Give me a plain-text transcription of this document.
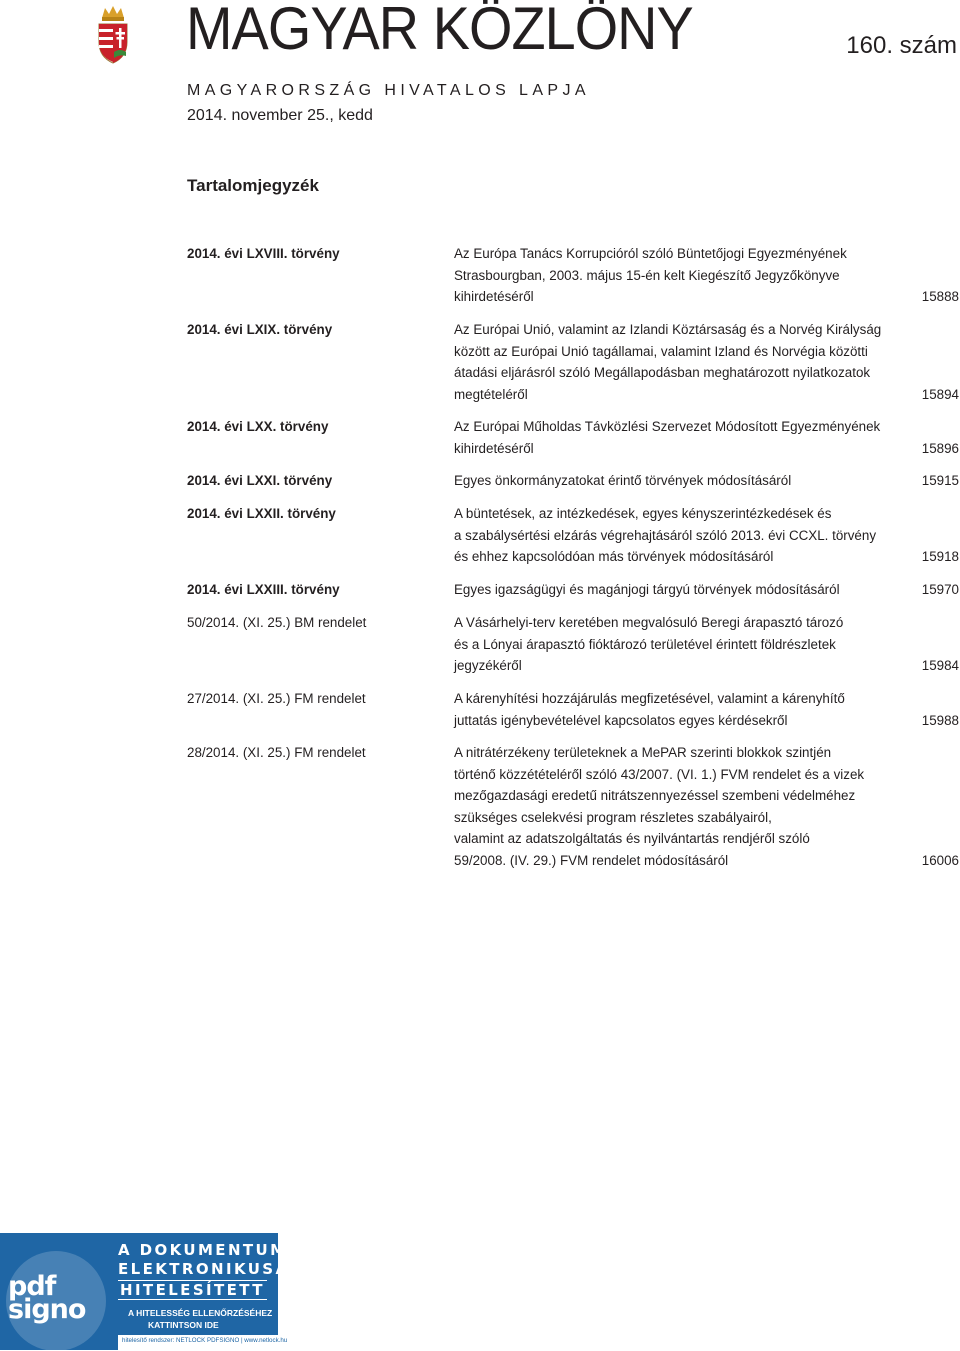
MAGYAR KÖZLÖNY	160. szám
MAGYARORSZÁG HIVATALOS LAPJA
2014. november 25., kedd
Tartalomjegyzék
2014. évi LXVIII. törvény	Az Európa Tanács Korrupcióról szóló Büntetőjogi Egyezményének
Strasbourgban, 2003. május 15-én kelt Kiegészítő Jegyzőkönyve
kihirdetéséről	15888
2014. évi LXIX. törvény	Az Európai Unió, valamint az Izlandi Köztársaság és a Norvég Királyság
között az Európai Unió tagállamai, valamint Izland és Norvégia közötti
átadási eljárásról szóló Megállapodásban meghatározott nyilatkozatok
megtételéről	15894
2014. évi LXX. törvény	Az Európai Műholdas Távközlési Szervezet Módosított Egyezményének
kihirdetéséről	15896
2014. évi LXXI. törvény	Egyes önkormányzatokat érintő törvények módosításáról	15915
2014. évi LXXII. törvény	A büntetések, az intézkedések, egyes kényszerintézkedések és
a szabálysértési elzárás végrehajtásáról szóló 2013. évi CCXL. törvény
és ehhez kapcsolódóan más törvények módosításáról	15918
2014. évi LXXIII. törvény	Egyes igazságügyi és magánjogi tárgyú törvények módosításáról	15970
50/2014. (XI. 25.) BM rendelet	A Vásárhelyi-terv keretében megvalósuló Beregi árapasztó tározó
és a Lónyai árapasztó fióktározó területével érintett földrészletek
jegyzékéről	15984
27/2014. (XI. 25.) FM rendelet	A kárenyhítési hozzájárulás megfizetésével, valamint a kárenyhítő
juttatás igénybevételével kapcsolatos egyes kérdésekről	15988
28/2014. (XI. 25.) FM rendelet	A nitrátérzékeny területeknek a MePAR szerinti blokkok szintjén
történő közzétételéről szóló 43/2007. (VI. 1.) FVM rendelet és a vizek
mezőgazdasági eredetű nitrátszennyezéssel szembeni védelméhez
szükséges cselekvési program részletes szabályairól,
valamint az adatszolgáltatás és nyilvántartás rendjéről szóló
59/2008. (IV. 29.) FVM rendelet módosításáról	16006
pdf
signo
A DOKUMENTUM
ELEKTRONIKUSAN
HITELESÍTETT
A HITELESSÉG ELLENŐRZÉSÉHEZ
KATTINTSON IDE
hitelesítő rendszer: NETLOCK PDFSIGNO | www.netlock.hu
